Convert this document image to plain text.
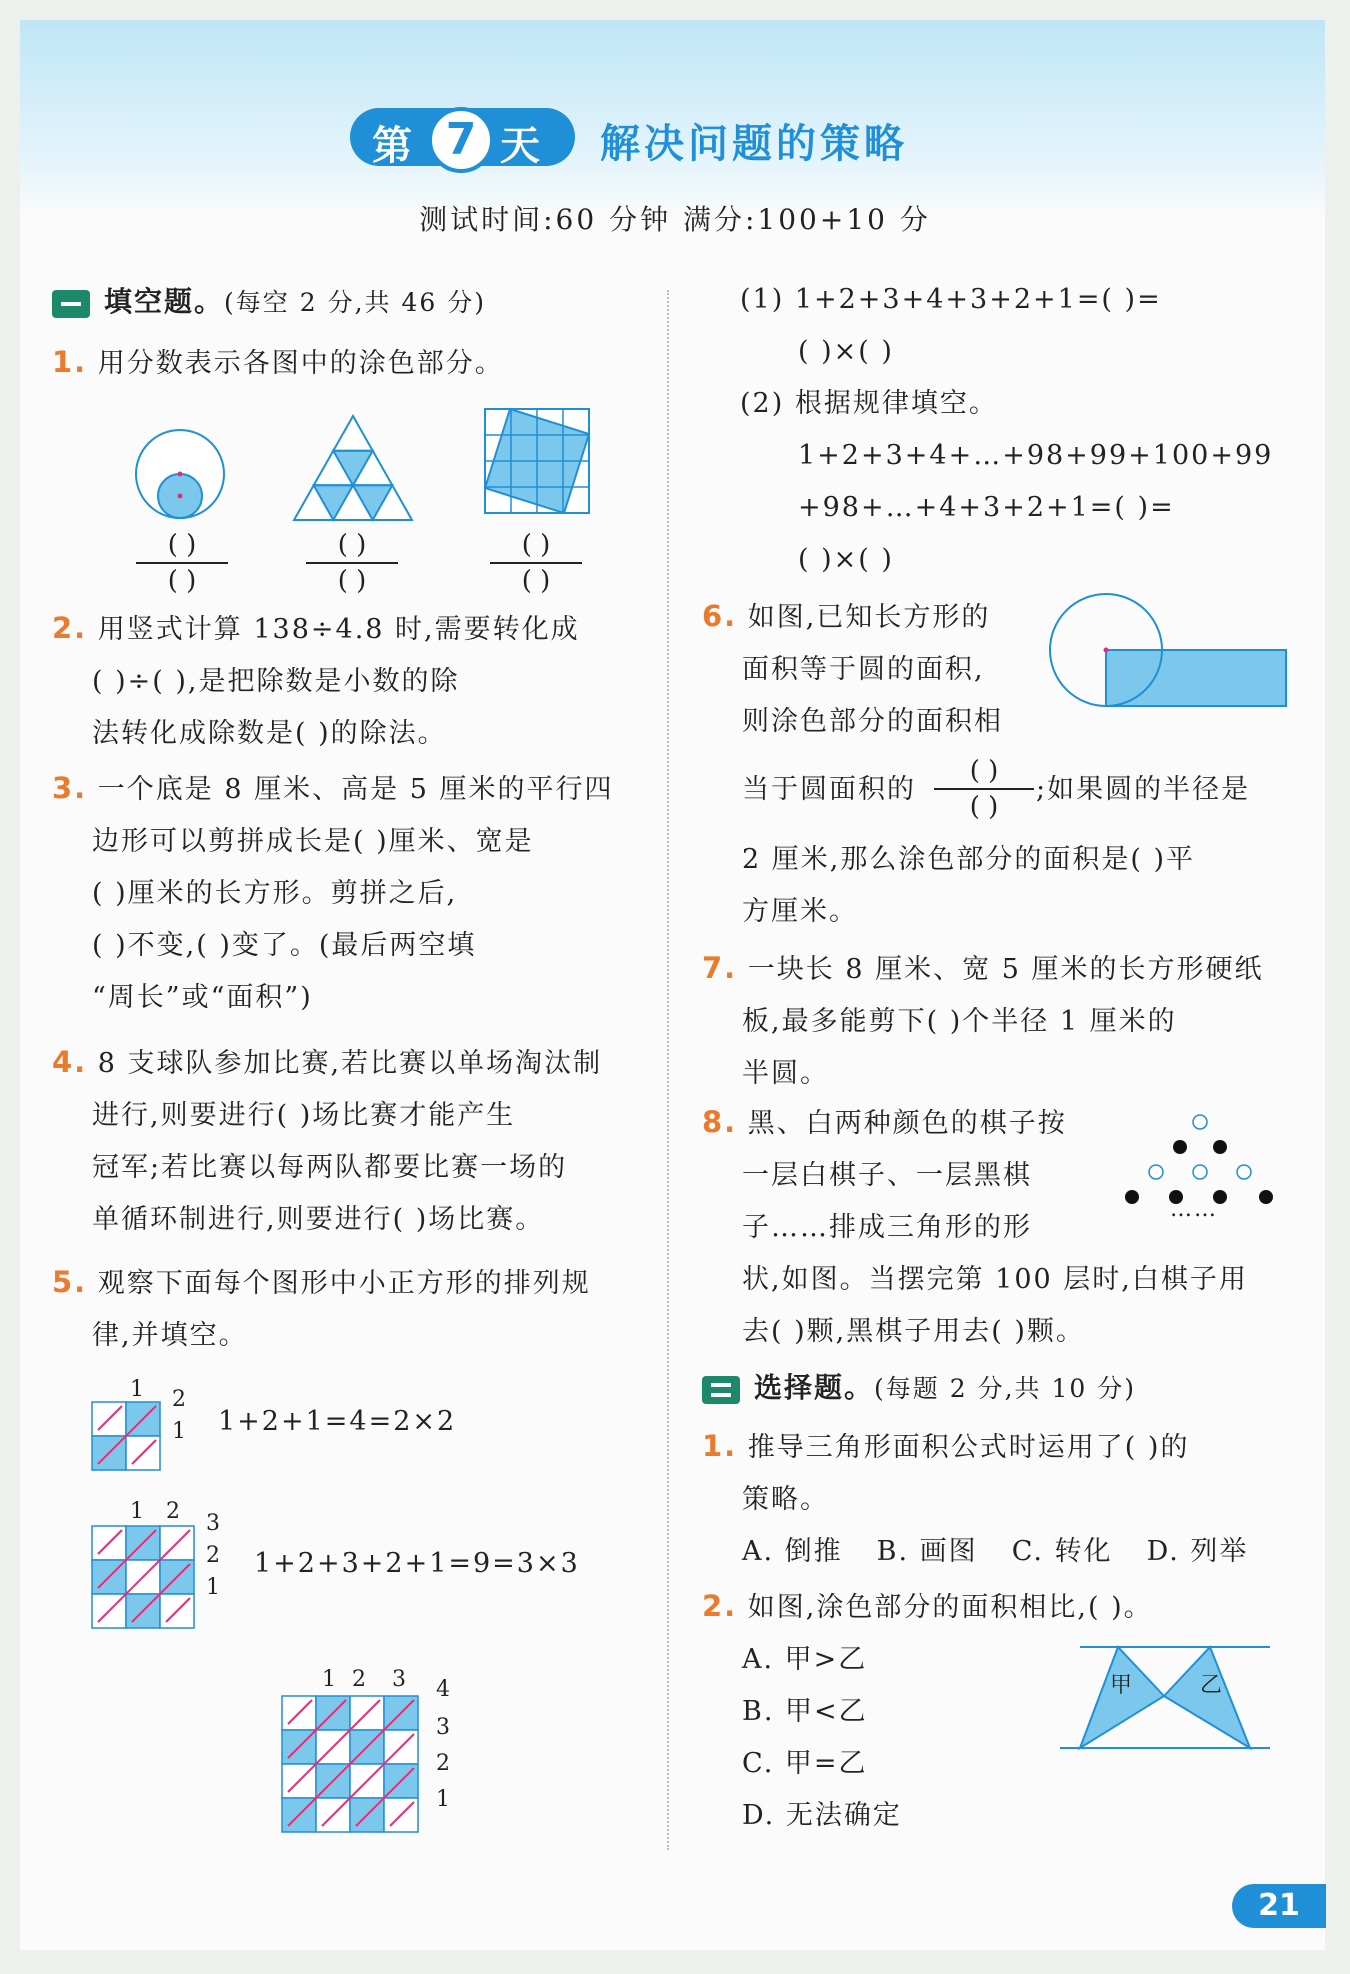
第 7 天 解决问题的策略
测试时间:60 分钟 满分:100+10 分
填空题。(每空 2 分,共 46 分)
1. 用分数表示各图中的涂色部分。
( )
( )
( )
( )
( )
( )
2. 用竖式计算 138÷4.8 时,需要转化成
( )÷( ),是把除数是小数的除
法转化成除数是( )的除法。
3. 一个底是 8 厘米、高是 5 厘米的平行四
边形可以剪拼成长是( )厘米、宽是
( )厘米的长方形。剪拼之后,
( )不变,( )变了。(最后两空填
“周长”或“面积”)
4. 8 支球队参加比赛,若比赛以单场淘汰制
进行,则要进行( )场比赛才能产生
冠军;若比赛以每两队都要比赛一场的
单循环制进行,则要进行( )场比赛。
5. 观察下面每个图形中小正方形的排列规
律,并填空。
1 2
1 1+2+1=4=2×2
1 2 3
2
1
1+2+3+2+1=9=3×3
1 2 3 4
3
2
1
(1) 1+2+3+4+3+2+1=( )=
( )×( )
(2) 根据规律填空。
1+2+3+4+…+98+99+100+99
+98+…+4+3+2+1=( )=
( )×( )
6. 如图,已知长方形的
面积等于圆的面积,
则涂色部分的面积相
当于圆面积的
( )
( )
;如果圆的半径是
2 厘米,那么涂色部分的面积是( )平
方厘米。
7. 一块长 8 厘米、宽 5 厘米的长方形硬纸
板,最多能剪下( )个半径 1 厘米的
半圆。
8. 黑、白两种颜色的棋子按
一层白棋子、一层黑棋
子……排成三角形的形
状,如图。当摆完第 100 层时,白棋子用
去( )颗,黑棋子用去( )颗。
……
选择题。(每题 2 分,共 10 分)
1. 推导三角形面积公式时运用了( )的
策略。
A. 倒推 B. 画图 C. 转化 D. 列举
2. 如图,涂色部分的面积相比,( )。
A. 甲>乙
B. 甲<乙
C. 甲=乙
D. 无法确定
甲	乙
21
